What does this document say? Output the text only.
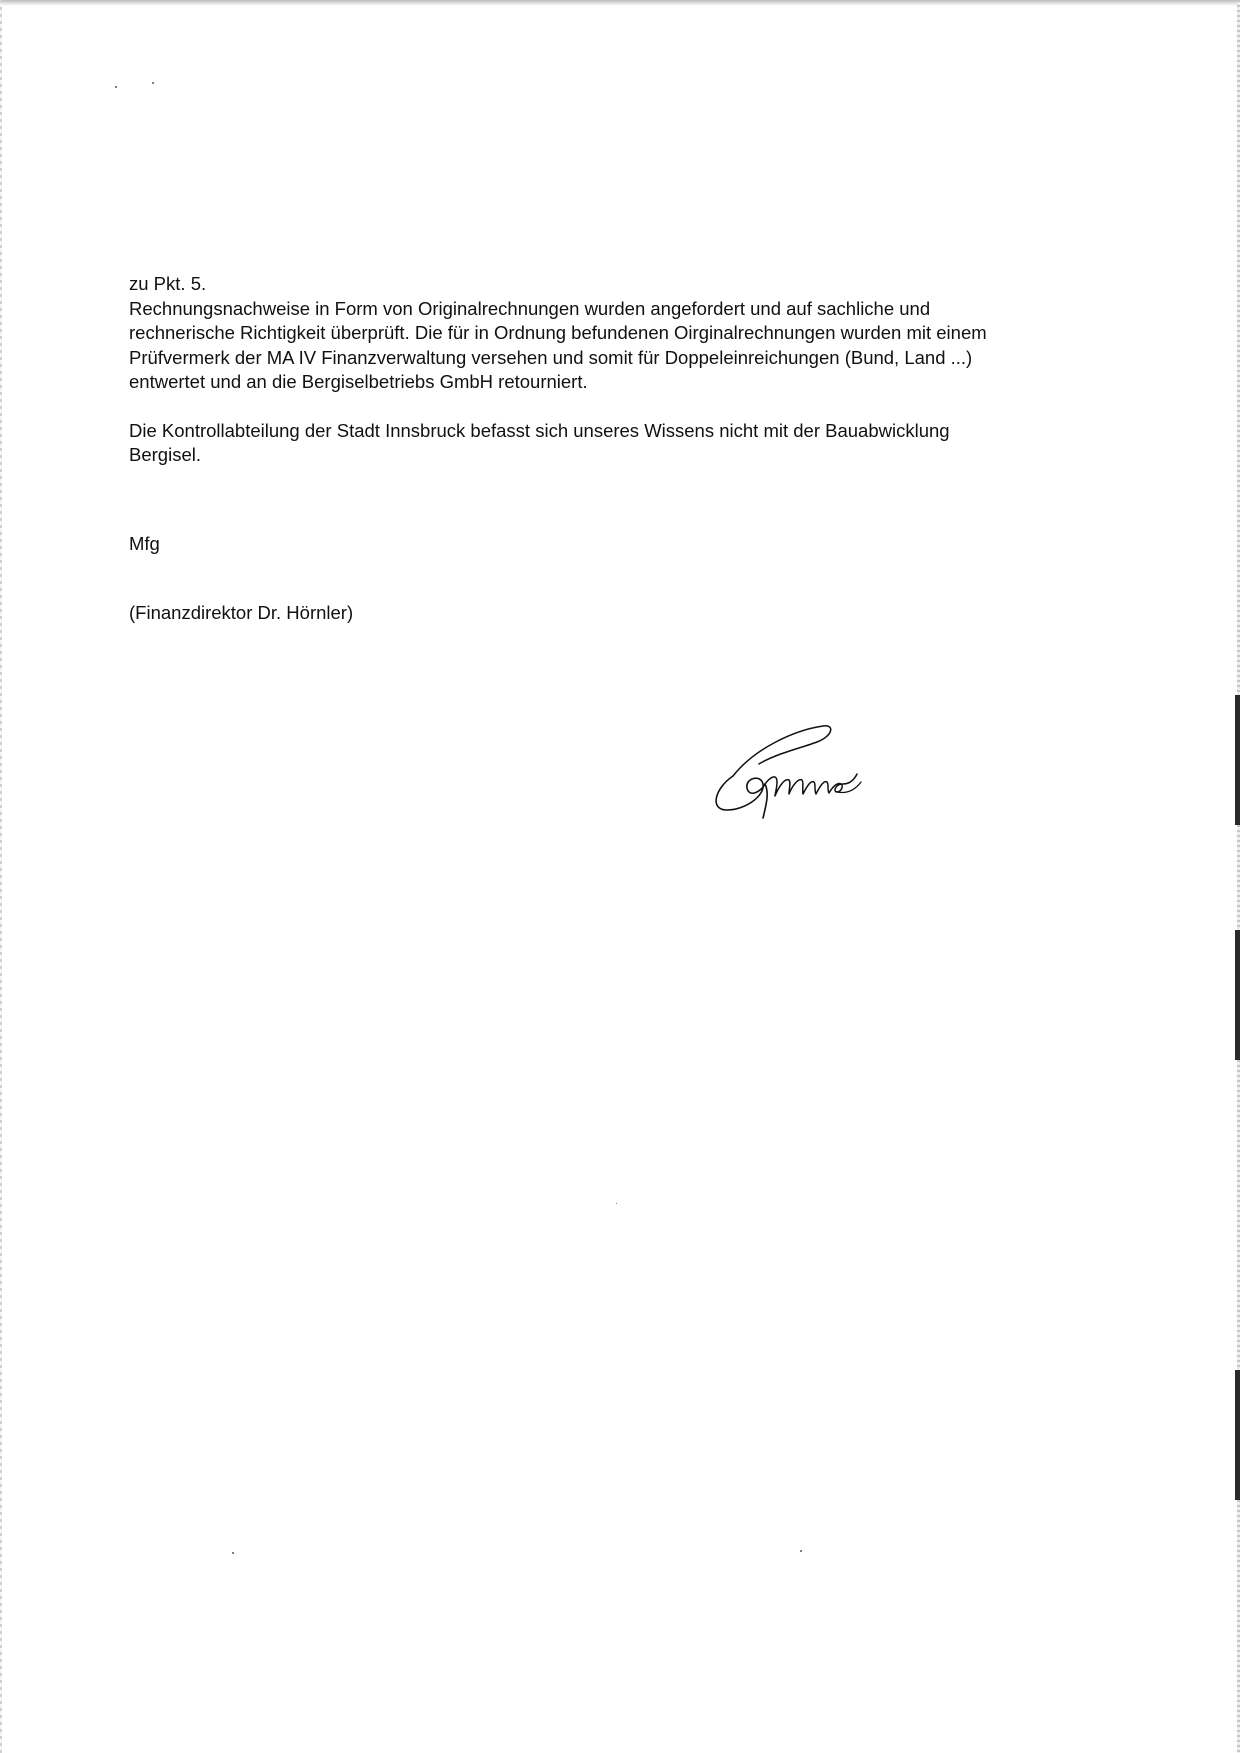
zu Pkt. 5.
Rechnungsnachweise in Form von Originalrechnungen wurden angefordert und auf sachliche und
rechnerische Richtigkeit überprüft. Die für in Ordnung befundenen Oirginalrechnungen wurden mit einem
Prüfvermerk der MA IV Finanzverwaltung versehen und somit für Doppeleinreichungen (Bund, Land ...)
entwertet und an die Bergiselbetriebs GmbH retourniert.
Die Kontrollabteilung der Stadt Innsbruck befasst sich unseres Wissens nicht mit der Bauabwicklung
Bergisel.
Mfg
(Finanzdirektor Dr. Hörnler)
